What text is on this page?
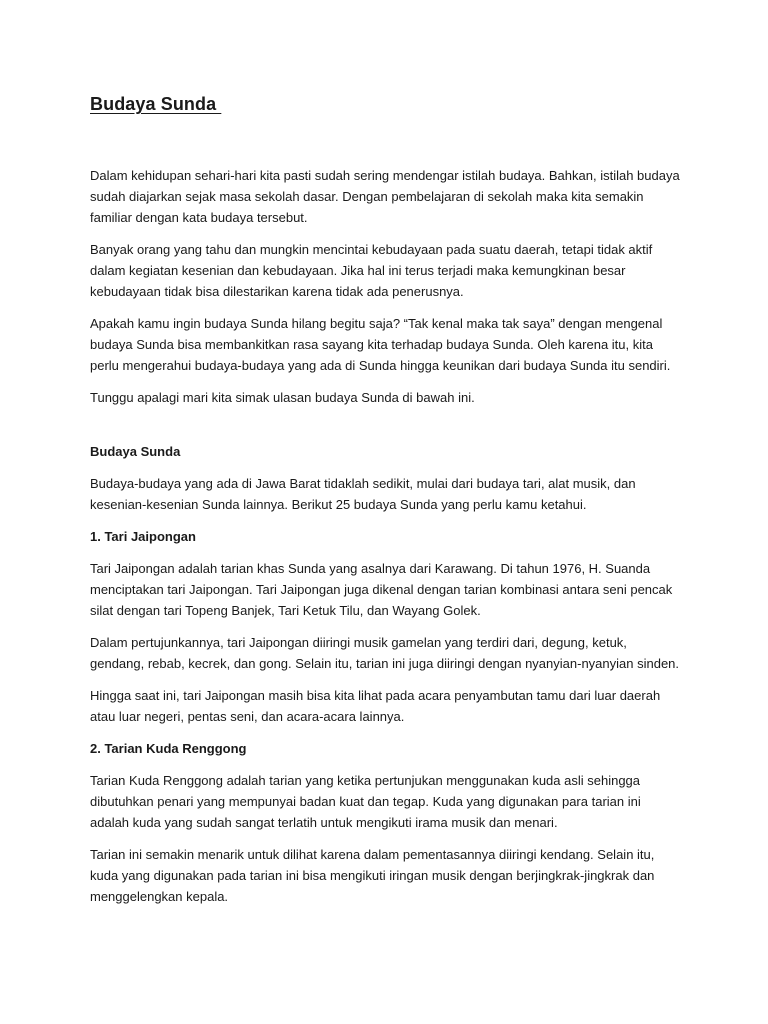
Budaya Sunda

Dalam kehidupan sehari-hari kita pasti sudah sering mendengar istilah budaya. Bahkan, istilah budaya sudah diajarkan sejak masa sekolah dasar. Dengan pembelajaran di sekolah maka kita semakin familiar dengan kata budaya tersebut.

Banyak orang yang tahu dan mungkin mencintai kebudayaan pada suatu daerah, tetapi tidak aktif dalam kegiatan kesenian dan kebudayaan. Jika hal ini terus terjadi maka kemungkinan besar kebudayaan tidak bisa dilestarikan karena tidak ada penerusnya.

Apakah kamu ingin budaya Sunda hilang begitu saja? “Tak kenal maka tak saya” dengan mengenal budaya Sunda bisa membankitkan rasa sayang kita terhadap budaya Sunda. Oleh karena itu, kita perlu mengerahui budaya-budaya yang ada di Sunda hingga keunikan dari budaya Sunda itu sendiri.

Tunggu apalagi mari kita simak ulasan budaya Sunda di bawah ini.

Budaya Sunda

Budaya-budaya yang ada di Jawa Barat tidaklah sedikit, mulai dari budaya tari, alat musik, dan kesenian-kesenian Sunda lainnya. Berikut 25 budaya Sunda yang perlu kamu ketahui.

1. Tari Jaipongan

Tari Jaipongan adalah tarian khas Sunda yang asalnya dari Karawang. Di tahun 1976, H. Suanda menciptakan tari Jaipongan. Tari Jaipongan juga dikenal dengan tarian kombinasi antara seni pencak silat dengan tari Topeng Banjek, Tari Ketuk Tilu, dan Wayang Golek.

Dalam pertujunkannya, tari Jaipongan diiringi musik gamelan yang terdiri dari, degung, ketuk, gendang, rebab, kecrek, dan gong. Selain itu, tarian ini juga diiringi dengan nyanyian-nyanyian sinden.

Hingga saat ini, tari Jaipongan masih bisa kita lihat pada acara penyambutan tamu dari luar daerah atau luar negeri, pentas seni, dan acara-acara lainnya.

2. Tarian Kuda Renggong

Tarian Kuda Renggong adalah tarian yang ketika pertunjukan menggunakan kuda asli sehingga dibutuhkan penari yang mempunyai badan kuat dan tegap. Kuda yang digunakan para tarian ini adalah kuda yang sudah sangat terlatih untuk mengikuti irama musik dan menari.

Tarian ini semakin menarik untuk dilihat karena dalam pementasannya diiringi kendang. Selain itu, kuda yang digunakan pada tarian ini bisa mengikuti iringan musik dengan berjingkrak-jingkrak dan menggelengkan kepala.
